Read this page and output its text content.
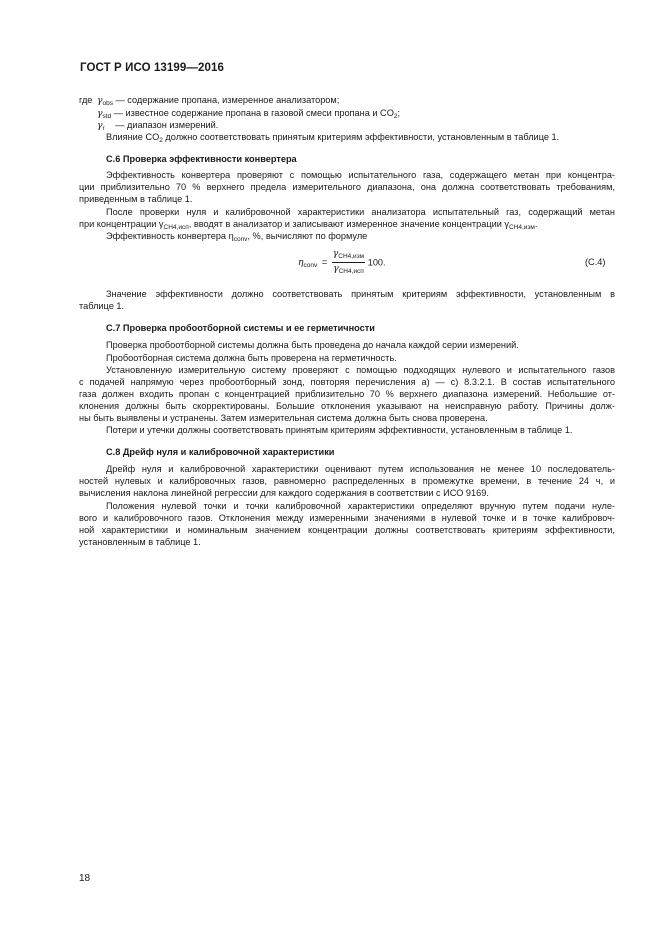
ГОСТ Р ИСО 13199—2016
где $\gamma_{obs}$ — содержание пропана, измеренное анализатором;
$\gamma_{std}$ — известное содержание пропана в газовой смеси пропана и $CO_2$;
$\gamma_r$ — диапазон измерений.
Влияние $CO_2$ должно соответствовать принятым критериям эффективности, установленным в таблице 1.
С.6 Проверка эффективности конвертера
Эффективность конвертера проверяют с помощью испытательного газа, содержащего метан при концентра-
ции приблизительно 70 % верхнего предела измерительного диапазона, она должна соответствовать требованиям,
приведенным в таблице 1.
После проверки нуля и калибровочной характеристики анализатора испытательный газ, содержащий метан
при концентрации $\gamma_{CH4,исп}$, вводят в анализатор и записывают измеренное значение концентрации $\gamma_{CH4,изм}$.
Эффективность конвертера $\eta_{conv}$, %, вычисляют по формуле
$\eta_{conv} = \frac{\gamma_{CH4,изм}}{\gamma_{CH4,исп}} 100$.	(С.4)
Значение эффективности должно соответствовать принятым критериям эффективности, установленным в
таблице 1.
С.7 Проверка пробоотборной системы и ее герметичности
Проверка пробоотборной системы должна быть проведена до начала каждой серии измерений.
Пробоотборная система должна быть проверена на герметичность.
Установленную измерительную систему проверяют с помощью подходящих нулевого и испытательного газов
с подачей напрямую через пробоотборный зонд, повторяя перечисления а) — с) 8.3.2.1. В состав испытательного
газа должен входить пропан с концентрацией приблизительно 70 % верхнего диапазона измерений. Небольшие от-
клонения должны быть скорректированы. Большие отклонения указывают на неисправную работу. Причины долж-
ны быть выявлены и устранены. Затем измерительная система должна быть снова проверена.
Потери и утечки должны соответствовать принятым критериям эффективности, установленным в таблице 1.
С.8 Дрейф нуля и калибровочной характеристики
Дрейф нуля и калибровочной характеристики оценивают путем использования не менее 10 последователь-
ностей нулевых и калибровочных газов, равномерно распределенных в промежутке времени, в течение 24 ч, и
вычисления наклона линейной регрессии для каждого содержания в соответствии с ИСО 9169.
Положения нулевой точки и точки калибровочной характеристики определяют вручную путем подачи нуле-
вого и калибровочного газов. Отклонения между измеренными значениями в нулевой точке и в точке калибровоч-
ной характеристики и номинальным значением концентрации должны соответствовать критериям эффективности,
установленным в таблице 1.
18
